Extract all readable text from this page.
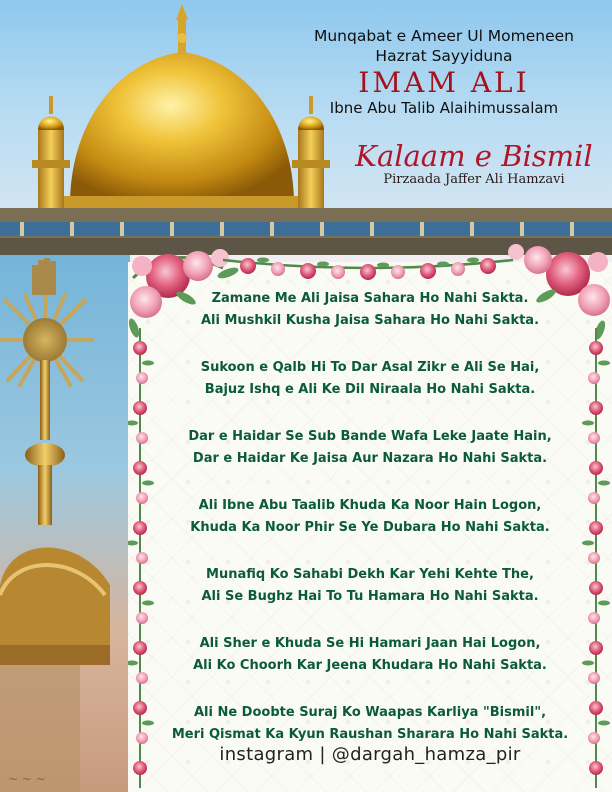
Munqabat e Ameer Ul Momeneen
Hazrat Sayyiduna
IMAM ALI
Ibne Abu Talib Alaihimussalam
Kalaam e Bismil
Pirzaada Jaffer Ali Hamzavi
~ ~ ~
Zamane Me Ali Jaisa Sahara Ho Nahi Sakta.
Ali Mushkil Kusha Jaisa Sahara Ho Nahi Sakta.
Sukoon e Qalb Hi To Dar Asal Zikr e Ali Se Hai,
Bajuz Ishq e Ali Ke Dil Niraala Ho Nahi Sakta.
Dar e Haidar Se Sub Bande Wafa Leke Jaate Hain,
Dar e Haidar Ke Jaisa Aur Nazara Ho Nahi Sakta.
Ali Ibne Abu Taalib Khuda Ka Noor Hain Logon,
Khuda Ka Noor Phir Se Ye Dubara Ho Nahi Sakta.
Munafiq Ko Sahabi Dekh Kar Yehi Kehte The,
Ali Se Bughz Hai To Tu Hamara Ho Nahi Sakta.
Ali Sher e Khuda Se Hi Hamari Jaan Hai Logon,
Ali Ko Choorh Kar Jeena Khudara Ho Nahi Sakta.
Ali Ne Doobte Suraj Ko Waapas Karliya "Bismil",
Meri Qismat Ka Kyun Raushan Sharara Ho Nahi Sakta.
instagram | @dargah_hamza_pir
